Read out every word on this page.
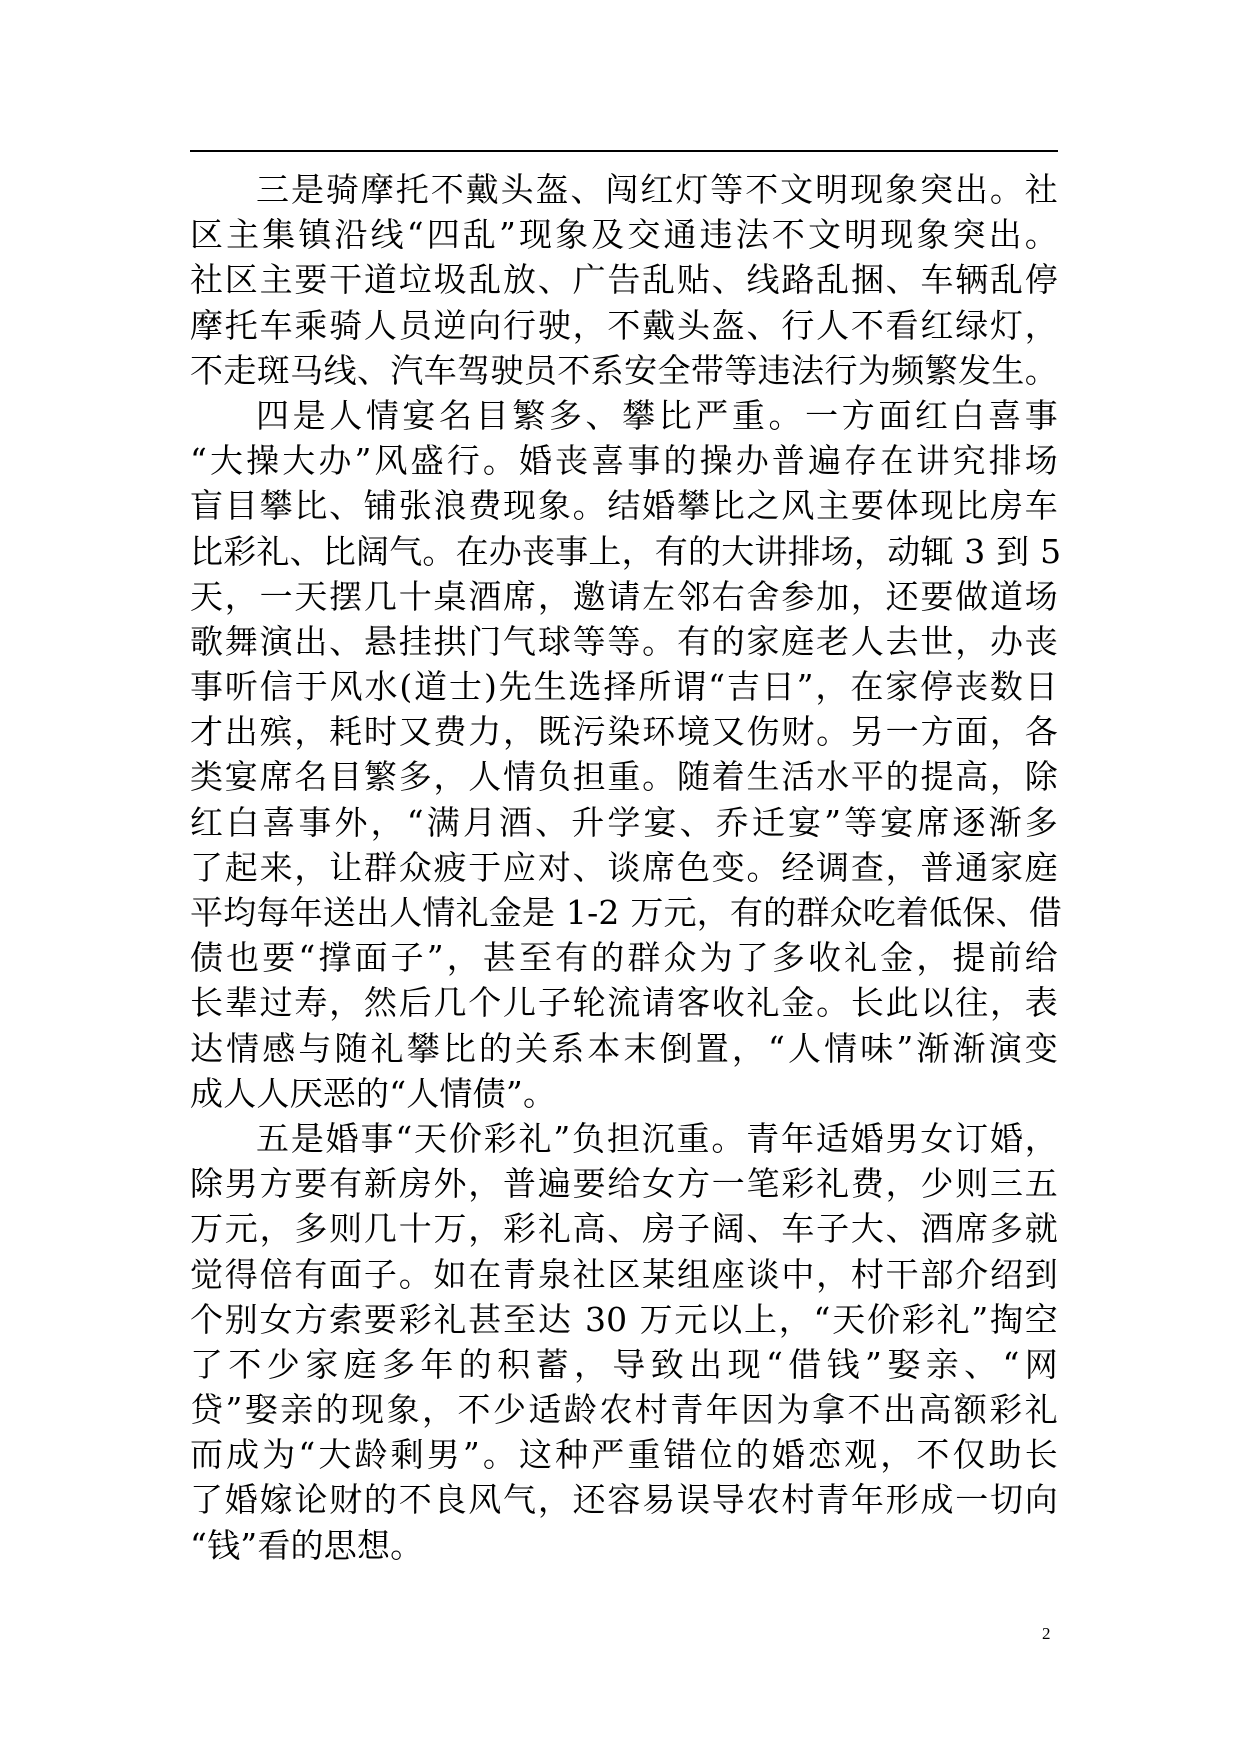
三是骑摩托不戴头盔、闯红灯等不文明现象突出。社
区主集镇沿线“四乱”现象及交通违法不文明现象突出。
社区主要干道垃圾乱放、广告乱贴、线路乱捆、车辆乱停
摩托车乘骑人员逆向行驶，不戴头盔、行人不看红绿灯，
不走斑马线、汽车驾驶员不系安全带等违法行为频繁发生。
四是人情宴名目繁多、攀比严重。一方面红白喜事
“大操大办”风盛行。婚丧喜事的操办普遍存在讲究排场
盲目攀比、铺张浪费现象。结婚攀比之风主要体现比房车
比彩礼、比阔气。在办丧事上，有的大讲排场，动辄 3 到 5
天，一天摆几十桌酒席，邀请左邻右舍参加，还要做道场
歌舞演出、悬挂拱门气球等等。有的家庭老人去世，办丧
事听信于风水(道士)先生选择所谓“吉日”，在家停丧数日
才出殡，耗时又费力，既污染环境又伤财。另一方面，各
类宴席名目繁多，人情负担重。随着生活水平的提高，除
红白喜事外，“满月酒、升学宴、乔迁宴”等宴席逐渐多
了起来，让群众疲于应对、谈席色变。经调查，普通家庭
平均每年送出人情礼金是 1-2 万元，有的群众吃着低保、借
债也要“撑面子”，甚至有的群众为了多收礼金，提前给
长辈过寿，然后几个儿子轮流请客收礼金。长此以往，表
达情感与随礼攀比的关系本末倒置，“人情味”渐渐演变
成人人厌恶的“人情债”。
五是婚事“天价彩礼”负担沉重。青年适婚男女订婚，
除男方要有新房外，普遍要给女方一笔彩礼费，少则三五
万元，多则几十万，彩礼高、房子阔、车子大、酒席多就
觉得倍有面子。如在青泉社区某组座谈中，村干部介绍到
个别女方索要彩礼甚至达 30 万元以上，“天价彩礼”掏空
了不少家庭多年的积蓄，导致出现“借钱”娶亲、“网
贷”娶亲的现象，不少适龄农村青年因为拿不出高额彩礼
而成为“大龄剩男”。这种严重错位的婚恋观，不仅助长
了婚嫁论财的不良风气，还容易误导农村青年形成一切向
“钱”看的思想。
2
